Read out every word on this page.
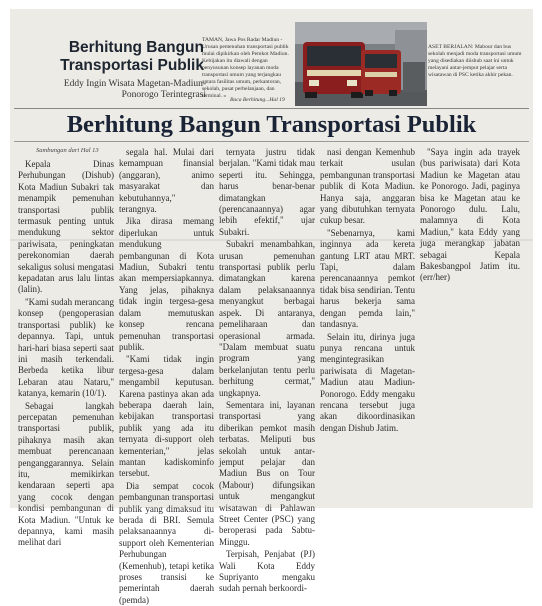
Berhitung Bangun Transportasi Publik
Eddy Ingin Wisata Magetan-Madiun-Ponorogo Terintegrasi
TAMAN, Jawa Pos Radar Madiun - Urusan pemenuhan transportasi publik mulai dipikirkan oleh Pemkot Madiun. Kebijakan itu diawali dengan penyusunan konsep layanan moda transportasi umum yang terjangkau antara fasilitas umum, perkantoran, sekolah, pusat perbelanjaan, dan terminal. »
Baca Berhitung...Hal 19
ASET BERJALAN: Mabour dan bus sekolah menjadi moda transportasi umum yang disediakan diishub saat ini untuk melayani antar-jemput pelajar serta wisatawan di PSC ketika akhir pekan.
Berhitung Bangun Transportasi Publik
Sambungan dari Hal 13

Kepala Dinas Perhubungan (Dishub) Kota Madiun Subakri tak menampik pemenuhan transportasi publik termasuk penting untuk mendukung sektor pariwisata, peningkatan perekonomian daerah sekaligus solusi mengatasi kepadatan arus lalu lintas (lalin).

"Kami sudah merancang konsep (pengoperasian transportasi publik) ke depannya. Tapi, untuk hari-hari biasa seperti saat ini masih terkendali. Berbeda ketika libur Lebaran atau Nataru," katanya, kemarin (10/1).

Sebagai langkah percepatan pemenuhan transportasi publik, pihaknya masih akan membuat perencanaan penganggarannya. Selain itu, memikirkan kendaraan seperti apa yang cocok dengan kondisi pembangunan di Kota Madiun. "Untuk ke depannya, kami masih melihat dari

segala hal. Mulai dari kemampuan finansial (anggaran), animo masyarakat dan kebutuhannya," terangnya.

Jika dirasa memang diperlukan untuk mendukung pembangunan di Kota Madiun, Subakri tentu akan mempersiapkannya. Yang jelas, pihaknya tidak ingin tergesa-gesa dalam memutuskan konsep rencana pemenuhan transportasi publik.

"Kami tidak ingin tergesa-gesa dalam mengambil keputusan. Karena pastinya akan ada beberapa daerah lain, kebijakan transportasi publik yang ada itu ternyata di-support oleh kementerian," jelas mantan kadiskominfo tersebut.

Dia sempat cocok pembangunan transportasi publik yang dimaksud itu berada di BRI. Semula pelaksanaannya di-support oleh Kementerian Perhubungan (Kemenhub), tetapi ketika proses transisi ke pemerintah daerah (pemda)

ternyata justru tidak berjalan. "Kami tidak mau seperti itu. Sehingga, harus benar-benar dimatangkan (perencanaannya) agar lebih efektif," ujar Subakri.

Subakri menambahkan, urusan pemenuhan transportasi publik perlu dimatangkan karena dalam pelaksanaannya menyangkut berbagai aspek. Di antaranya, pemeliharaan dan operasional armada. "Dalam membuat suatu program yang berkelanjutan tentu perlu berhitung cermat," ungkapnya.

Sementara ini, layanan transportasi yang diberikan pemkot masih terbatas. Meliputi bus sekolah untuk antar-jemput pelajar dan Madiun Bus on Tour (Mabour) difungsikan untuk mengangkut wisatawan di Pahlawan Street Center (PSC) yang beroperasi pada Sabtu-Minggu.

Terpisah, Penjabat (PJ) Wali Kota Eddy Supriyanto mengaku sudah pernah berkoordi-

nasi dengan Kemenhub terkait usulan pembangunan transportasi publik di Kota Madiun. Hanya saja, anggaran yang dibutuhkan ternyata cukup besar.

"Sebenarnya, kami inginnya ada kereta gantung LRT atau MRT. Tapi, dalam perencanaannya pemkot tidak bisa sendirian. Tentu harus bekerja sama dengan pemda lain," tandasnya.

Selain itu, dirinya juga punya rencana untuk mengintegrasikan pariwisata di Magetan-Madiun atau Madiun-Ponorogo. Eddy mengaku rencana tersebut juga akan dikoordinasikan dengan Dishub Jatim.

"Saya ingin ada trayek (bus pariwisata) dari Kota Madiun ke Magetan atau ke Ponorogo. Jadi, paginya bisa ke Magetan atau ke Ponorogo dulu. Lalu, malamnya di Kota Madiun," kata Eddy yang juga merangkap jabatan sebagai Kepala Bakesbangpol Jatim itu. (err/her)
